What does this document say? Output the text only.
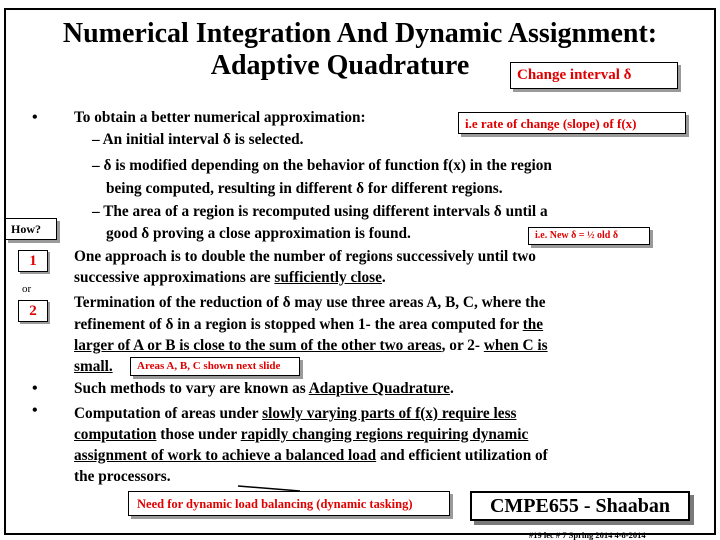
Numerical Integration And Dynamic Assignment:
Adaptive Quadrature	Change interval δ
• To obtain a better numerical approximation:	i.e rate of change (slope) of f(x)
– An initial interval δ is selected.
– δ is modified depending on the behavior of function f(x) in the region
being computed, resulting in different δ for different regions.
– The area of a region is recomputed using different intervals δ until a
good δ proving a close approximation is found.	i.e. New δ = ½ old δ
How?
1
or
2
One approach is to double the number of regions successively until two
successive approximations are sufficiently close.
Termination of the reduction of δ may use three areas A, B, C, where the
refinement of δ in a region is stopped when 1- the area computed for the
larger of A or B is close to the sum of the other two areas, or 2- when C is
small.	Areas A, B, C shown next slide
• Such methods to vary are known as Adaptive Quadrature.
• Computation of areas under slowly varying parts of f(x) require less
computation those under rapidly changing regions requiring dynamic
assignment of work to achieve a balanced load and efficient utilization of
the processors.
Need for dynamic load balancing (dynamic tasking)	CMPE655 - Shaaban
#19 lec # 7 Spring 2014 4-8-2014
